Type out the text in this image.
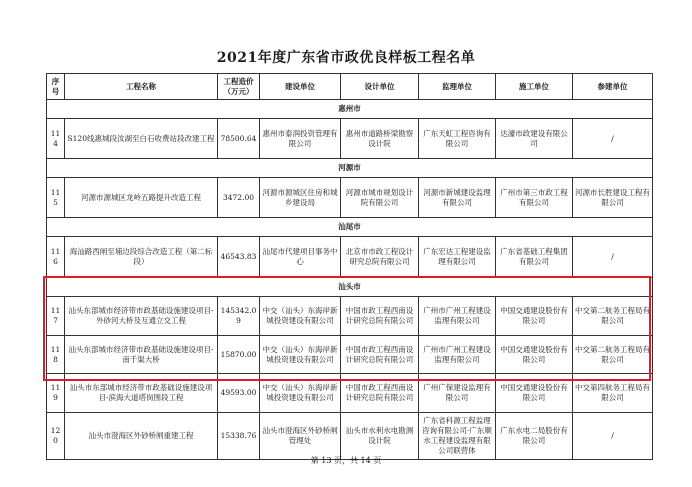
2021年度广东省市政优良样板工程名单
序号	工程名称	工程造价（万元）	建设单位	设计单位	监理单位	施工单位	参建单位
惠州市							
114	S120线惠城段汝湖至白石收费站段改建工程	78500.64	惠州市泰润投资管理有限公司	惠州市道路桥梁勘察设计院	广东天虹工程咨询有限公司	达濠市政建设有限公司	/
河源市							
115	河源市源城区龙岭五路提升改造工程	3472.00	河源市源城区住房和城乡建设局	河源市城市规划设计院有限公司	河源市新城建设监理有限公司	广州市第三市政工程有限公司	河源市长胜建设工程有限公司
汕尾市							
116	海汕路西闸至埔边段综合改造工程（第二标段）	46543.83	汕尾市代建项目事务中心	北京市市政工程设计研究总院有限公司	广东宏达工程建设监理有限公司	广东省基础工程集团有限公司	/
汕头市							
117	汕头东部城市经济带市政基础设施建设项目-外砂河大桥及互通立交工程	145342.09	中交（汕头）东海岸新城投资建设有限公司	中国市政工程西南设计研究总院有限公司	广州市广州工程建设监理有限公司	中国交通建设股份有限公司	中交第二航务工程局有限公司
118	汕头东部城市经济带市政基础设施建设项目-南千渠大桥	15870.00	中交（汕头）东海岸新城投资建设有限公司	中国市政工程西南设计研究总院有限公司	广州市广州工程建设监理有限公司	中国交通建设股份有限公司	中交第二航务工程局有限公司
119	汕头市东部城市经济带市政基础设施建设项目-滨海大道塔岗围段工程	49593.00	中交（汕头）东海岸新城投资建设有限公司	中国市政工程西南设计研究总院有限公司	广州广保建设监理有限公司	中国交通建设股份有限公司	中交第四航务工程局有限公司
120	汕头市澄海区外砂桥闸重建工程	15338.76	汕头市澄海区外砂桥闸管理处	汕头市水利水电勘测设计院	广东省科源工程监理咨询有限公司·广东顺水工程建设监理有限公司联营体	广东水电二局股份有限公司	/
第 13 页，共 14 页
